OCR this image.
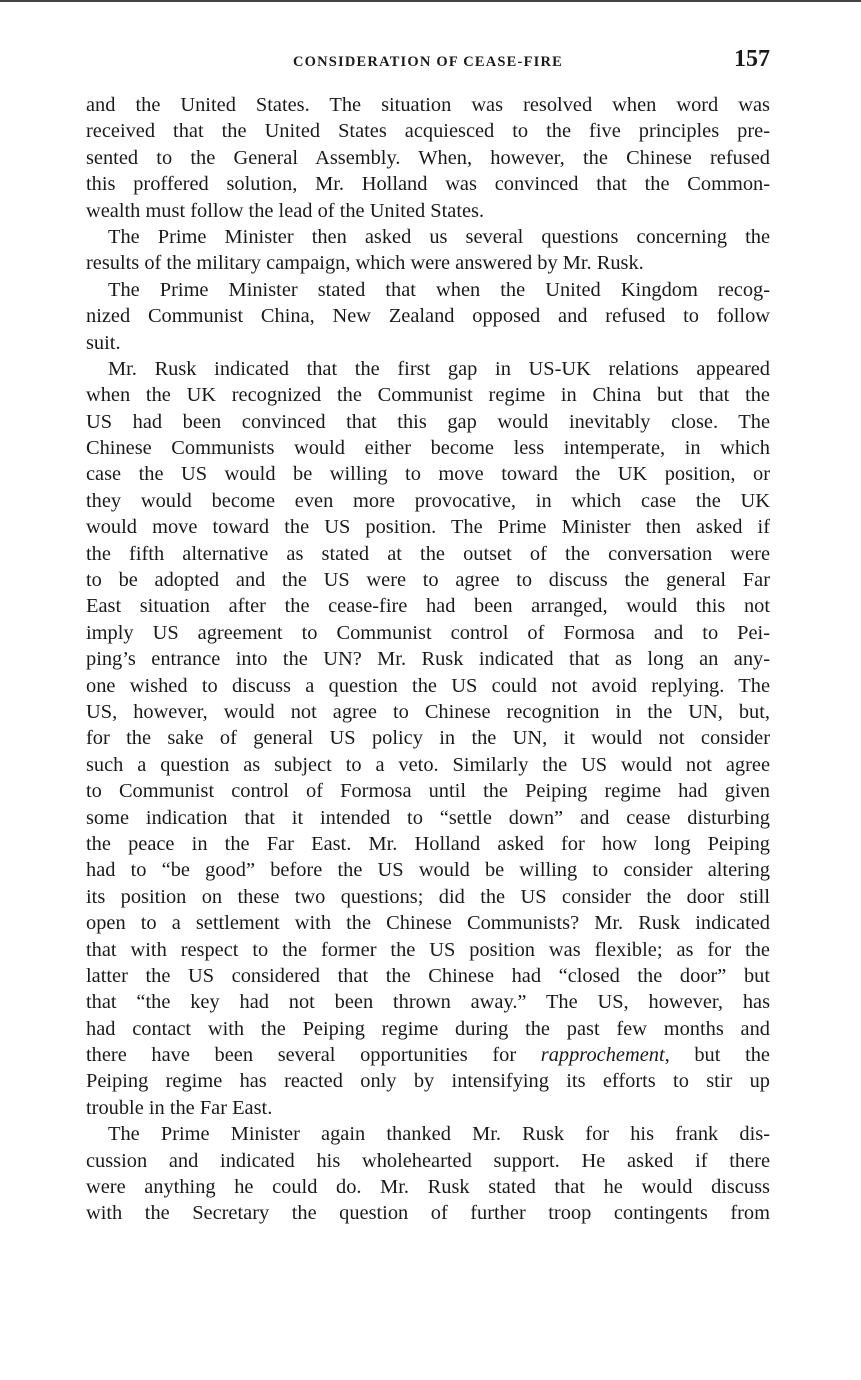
CONSIDERATION OF CEASE-FIRE	157
and the United States. The situation was resolved when word was
received that the United States acquiesced to the five principles pre-
sented to the General Assembly. When, however, the Chinese refused
this proffered solution, Mr. Holland was convinced that the Common-
wealth must follow the lead of the United States.
The Prime Minister then asked us several questions concerning the
results of the military campaign, which were answered by Mr. Rusk.
The Prime Minister stated that when the United Kingdom recog-
nized Communist China, New Zealand opposed and refused to follow
suit.
Mr. Rusk indicated that the first gap in US-UK relations appeared
when the UK recognized the Communist regime in China but that the
US had been convinced that this gap would inevitably close. The
Chinese Communists would either become less intemperate, in which
case the US would be willing to move toward the UK position, or
they would become even more provocative, in which case the UK
would move toward the US position. The Prime Minister then asked if
the fifth alternative as stated at the outset of the conversation were
to be adopted and the US were to agree to discuss the general Far
East situation after the cease-fire had been arranged, would this not
imply US agreement to Communist control of Formosa and to Pei-
ping’s entrance into the UN? Mr. Rusk indicated that as long an any-
one wished to discuss a question the US could not avoid replying. The
US, however, would not agree to Chinese recognition in the UN, but,
for the sake of general US policy in the UN, it would not consider
such a question as subject to a veto. Similarly the US would not agree
to Communist control of Formosa until the Peiping regime had given
some indication that it intended to “settle down” and cease disturbing
the peace in the Far East. Mr. Holland asked for how long Peiping
had to “be good” before the US would be willing to consider altering
its position on these two questions; did the US consider the door still
open to a settlement with the Chinese Communists? Mr. Rusk indicated
that with respect to the former the US position was flexible; as for the
latter the US considered that the Chinese had “closed the door” but
that “the key had not been thrown away.” The US, however, has
had contact with the Peiping regime during the past few months and
there have been several opportunities for rapprochement, but the
Peiping regime has reacted only by intensifying its efforts to stir up
trouble in the Far East.
The Prime Minister again thanked Mr. Rusk for his frank dis-
cussion and indicated his wholehearted support. He asked if there
were anything he could do. Mr. Rusk stated that he would discuss
with the Secretary the question of further troop contingents from
